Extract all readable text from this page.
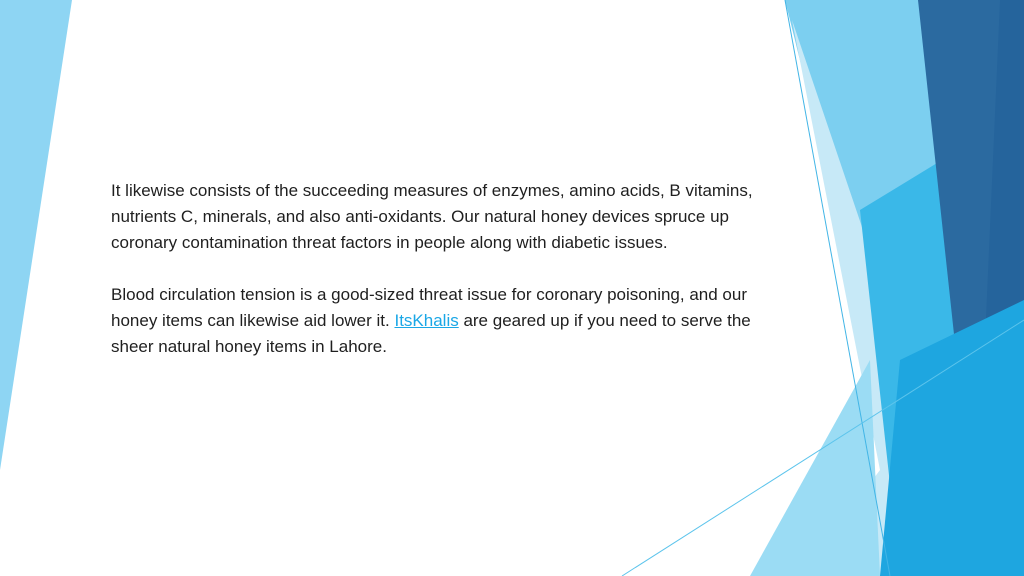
It likewise consists of the succeeding measures of enzymes, amino acids, B vitamins, nutrients C, minerals, and also anti-oxidants. Our natural honey devices spruce up coronary contamination threat factors in people along with diabetic issues.

Blood circulation tension is a good-sized threat issue for coronary poisoning, and our honey items can likewise aid lower it. ItsKhalis are geared up if you need to serve the sheer natural honey items in Lahore.
